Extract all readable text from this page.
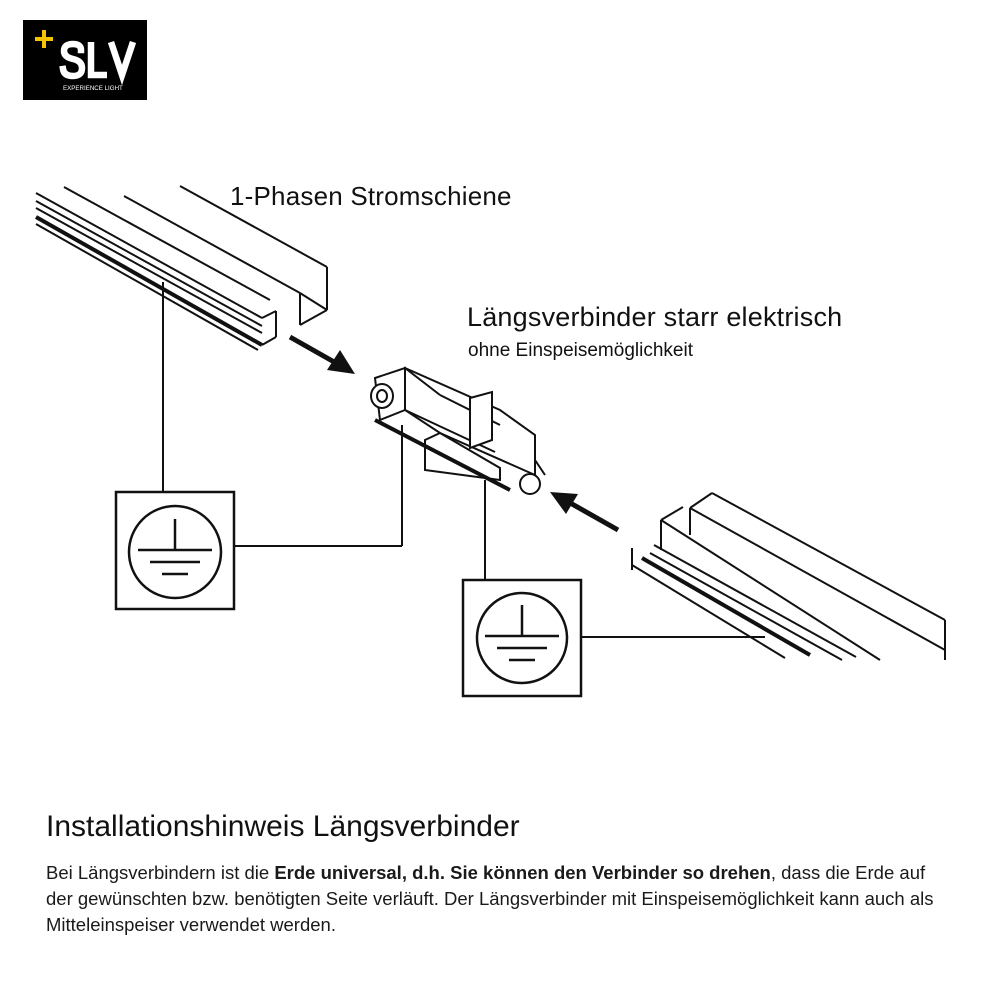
EXPERIENCE LIGHT
1-Phasen Stromschiene
Längsverbinder starr elektrisch
ohne Einspeisemöglichkeit
Installationshinweis Längsverbinder
Bei Längsverbindern ist die Erde universal, d.h. Sie können den Verbinder so drehen, dass die Erde auf der gewünschten bzw. benötigten Seite verläuft. Der Längsverbinder mit Einspeisemöglichkeit kann auch als Mitteleinspeiser verwendet werden.
